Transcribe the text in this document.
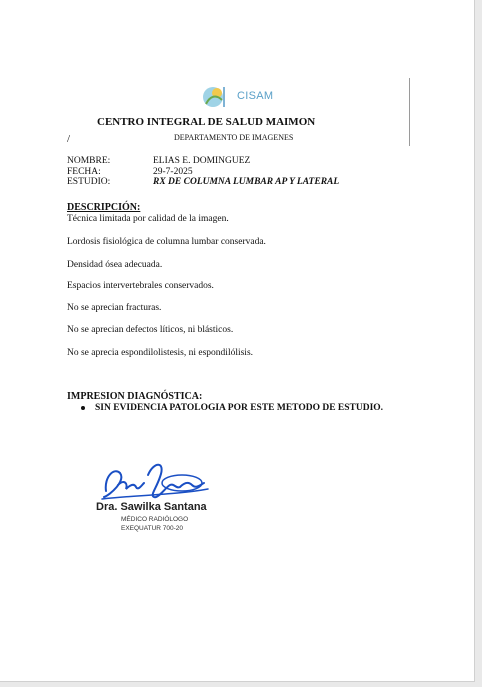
CISAM
CENTRO INTEGRAL DE SALUD MAIMON
/	DEPARTAMENTO DE IMAGENES
NOMBRE:	ELIAS E. DOMINGUEZ
FECHA:	29-7-2025
ESTUDIO:	RX DE COLUMNA LUMBAR AP Y LATERAL
DESCRIPCIÓN:
Técnica limitada por calidad de la imagen.
Lordosis fisiológica de columna lumbar conservada.
Densidad ósea adecuada.
Espacios intervertebrales conservados.
No se aprecian fracturas.
No se aprecian defectos líticos, ni blásticos.
No se aprecia espondilolistesis, ni espondilólisis.
IMPRESION DIAGNÓSTICA:
SIN EVIDENCIA PATOLOGIA POR ESTE METODO DE ESTUDIO.
Dra. Sawilka Santana
MÉDICO RADIÓLOGO
EXEQUATUR 700-20
